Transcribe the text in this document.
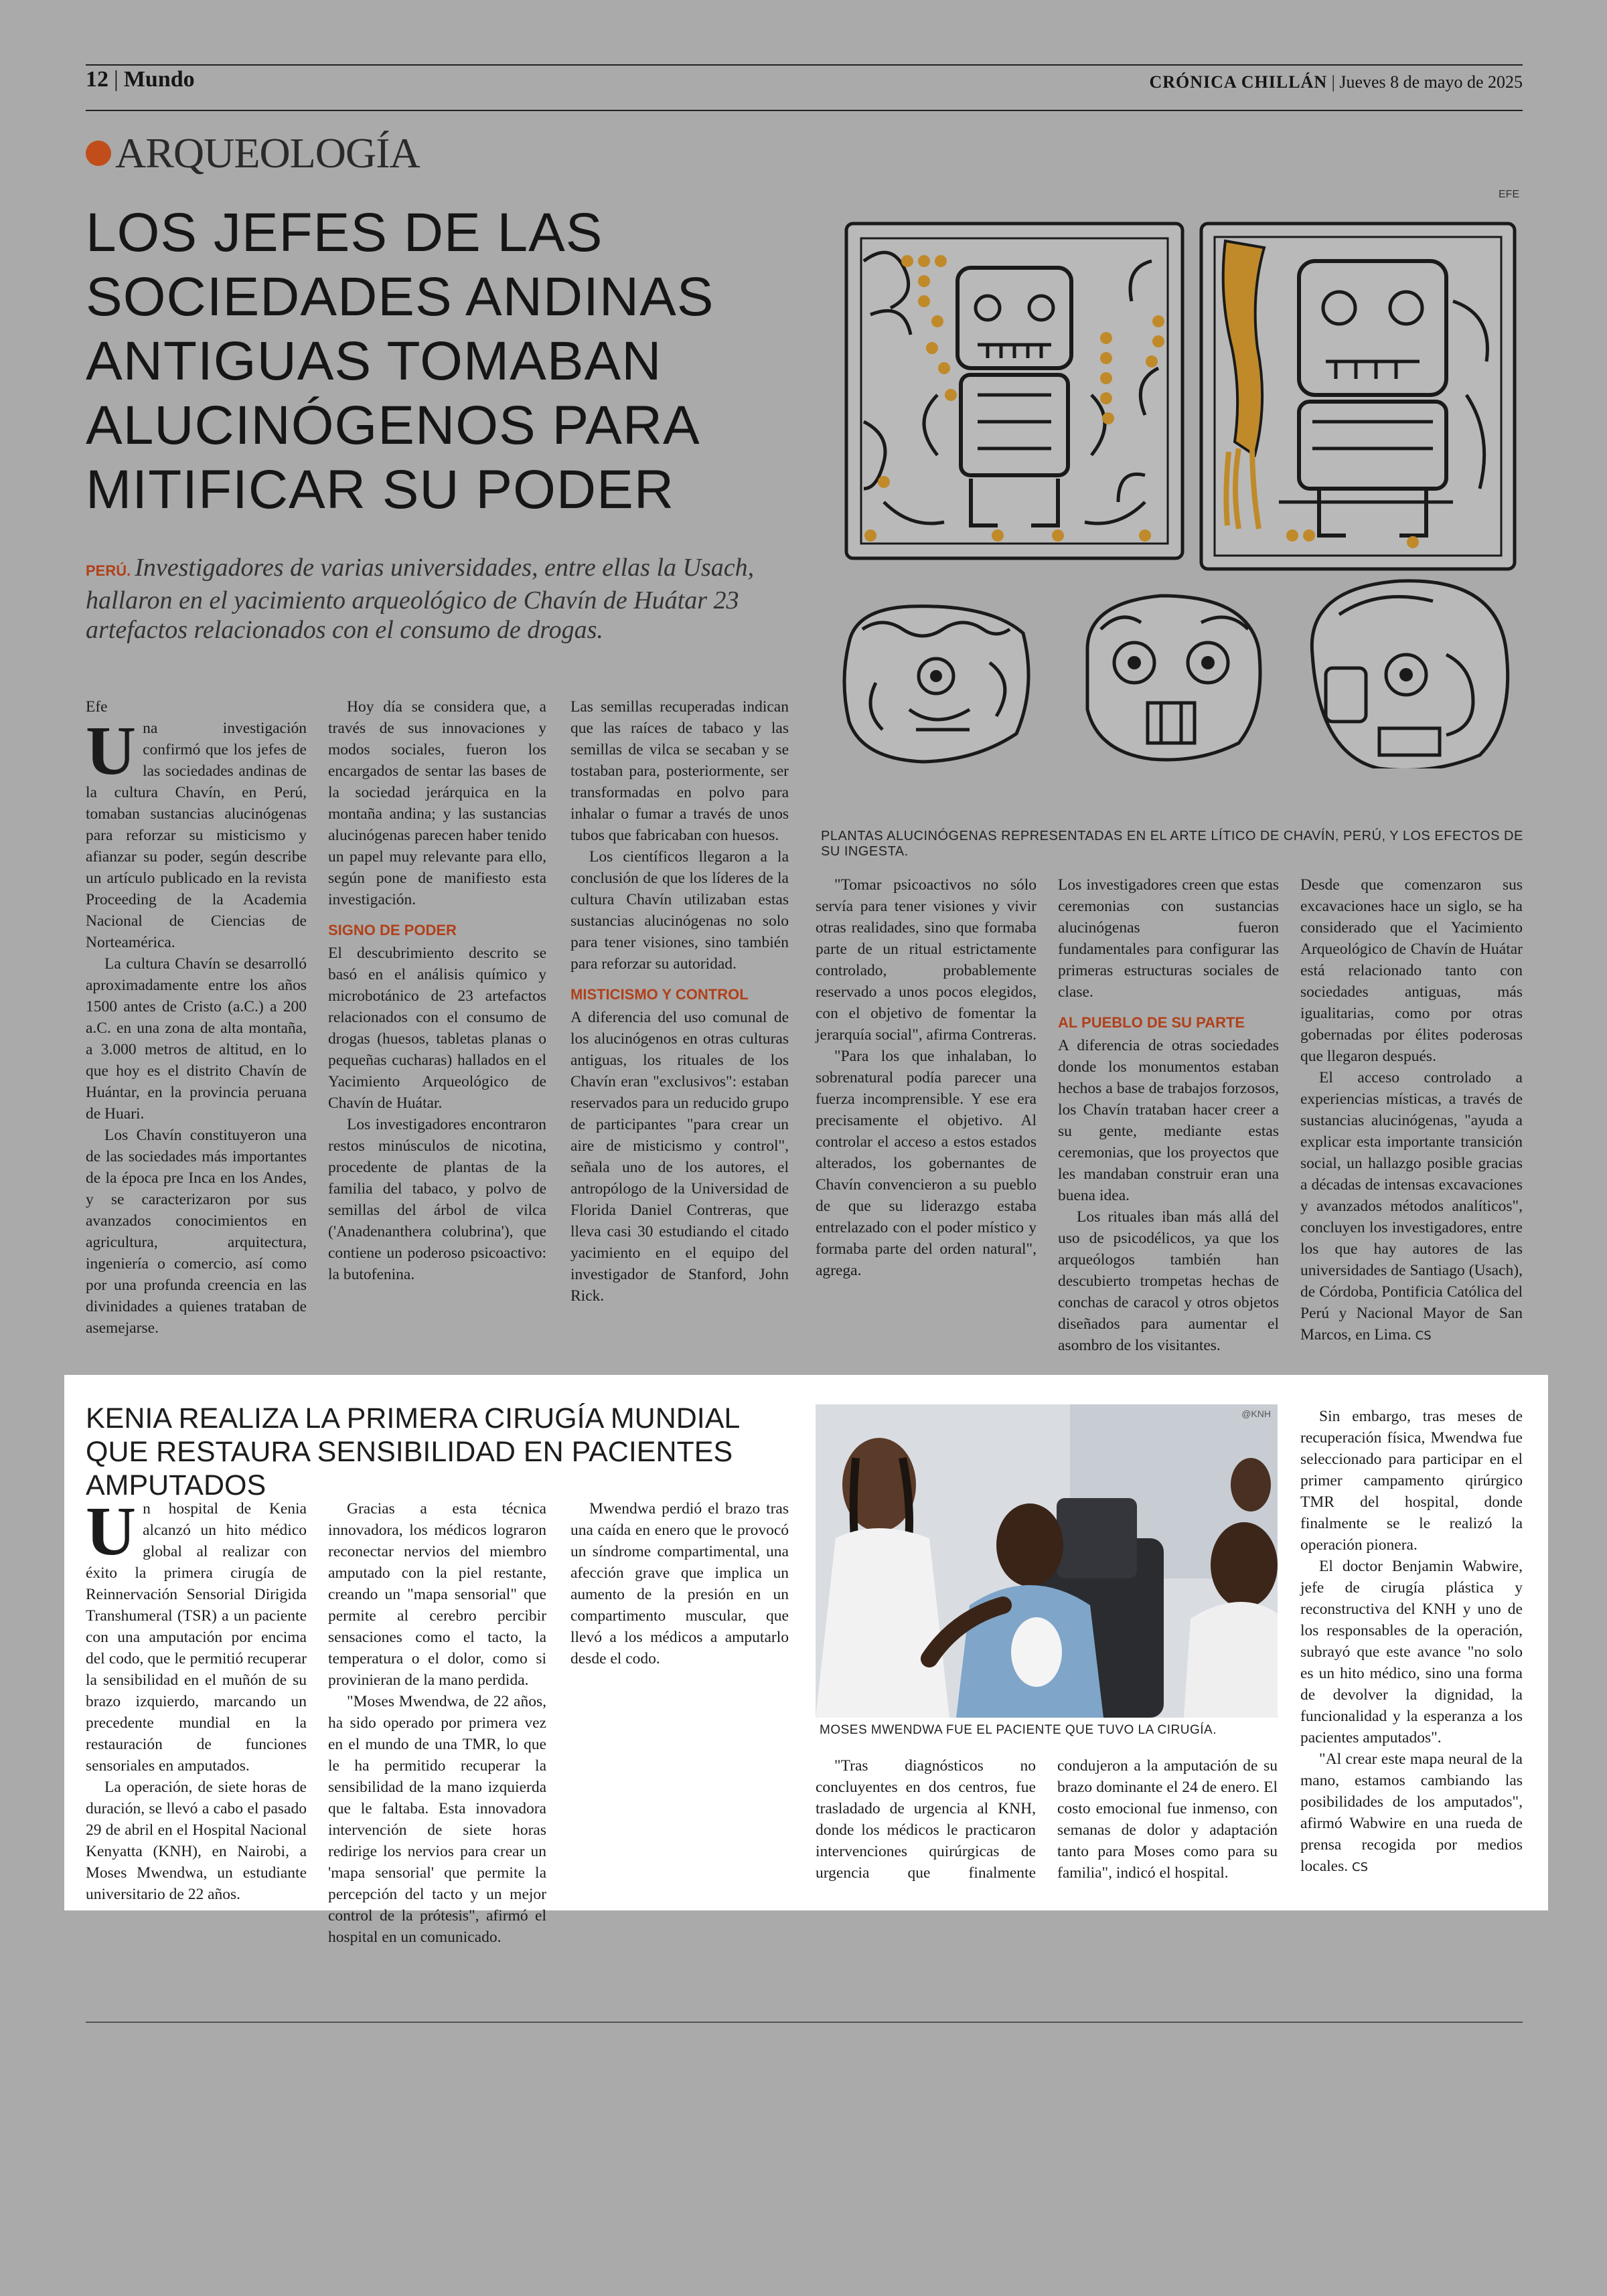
12 | Mundo	CRÓNICA CHILLÁN | Jueves 8 de mayo de 2025
ARQUEOLOGÍA
LOS JEFES DE LAS SOCIEDADES ANDINAS ANTIGUAS TOMABAN ALUCINÓGENOS PARA MITIFICAR SU PODER
PERÚ. Investigadores de varias universidades, entre ellas la Usach, hallaron en el yacimiento arqueológico de Chavín de Huátar 23 artefactos relacionados con el consumo de drogas.
EFE
PLANTAS ALUCINÓGENAS REPRESENTADAS EN EL ARTE LÍTICO DE CHAVÍN, PERÚ, Y LOS EFECTOS DE SU INGESTA.

Efe

Una investigación confirmó que los jefes de las sociedades andinas de la cultura Chavín, en Perú, tomaban sustancias alucinógenas para reforzar su misticismo y afianzar su poder, según describe un artículo publicado en la revista Proceeding de la Academia Nacional de Ciencias de Norteamérica.

La cultura Chavín se desarrolló aproximadamente entre los años 1500 antes de Cristo (a.C.) a 200 a.C. en una zona de alta montaña, a 3.000 metros de altitud, en lo que hoy es el distrito Chavín de Huántar, en la provincia peruana de Huari.

Los Chavín constituyeron una de las sociedades más importantes de la época pre Inca en los Andes, y se caracterizaron por sus avanzados conocimientos en agricultura, arquitectura, ingeniería o comercio, así como por una profunda creencia en las divinidades a quienes trataban de asemejarse.

Hoy día se considera que, a través de sus innovaciones y modos sociales, fueron los encargados de sentar las bases de la sociedad jerárquica en la montaña andina; y las sustancias alucinógenas parecen haber tenido un papel muy relevante para ello, según pone de manifiesto esta investigación.

SIGNO DE PODER

El descubrimiento descrito se basó en el análisis químico y microbotánico de 23 artefactos relacionados con el consumo de drogas (huesos, tabletas planas o pequeñas cucharas) hallados en el Yacimiento Arqueológico de Chavín de Huátar.

Los investigadores encontraron restos minúsculos de nicotina, procedente de plantas de la familia del tabaco, y polvo de semillas del árbol de vilca ('Anadenanthera colubrina'), que contiene un poderoso psicoactivo: la butofenina.

Las semillas recuperadas indican que las raíces de tabaco y las semillas de vilca se secaban y se tostaban para, posteriormente, ser transformadas en polvo para inhalar o fumar a través de unos tubos que fabricaban con huesos.

Los científicos llegaron a la conclusión de que los líderes de la cultura Chavín utilizaban estas sustancias alucinógenas no solo para tener visiones, sino también para reforzar su autoridad.

MISTICISMO Y CONTROL

A diferencia del uso comunal de los alucinógenos en otras culturas antiguas, los rituales de los Chavín eran "exclusivos": estaban reservados para un reducido grupo de participantes "para crear un aire de misticismo y control", señala uno de los autores, el antropólogo de la Universidad de Florida Daniel Contreras, que lleva casi 30 estudiando el citado yacimiento en el equipo del investigador de Stanford, John Rick.

"Tomar psicoactivos no sólo servía para tener visiones y vivir otras realidades, sino que formaba parte de un ritual estrictamente controlado, probablemente reservado a unos pocos elegidos, con el objetivo de fomentar la jerarquía social", afirma Contreras.

"Para los que inhalaban, lo sobrenatural podía parecer una fuerza incomprensible. Y ese era precisamente el objetivo. Al controlar el acceso a estos estados alterados, los gobernantes de Chavín convencieron a su pueblo de que su liderazgo estaba entrelazado con el poder místico y formaba parte del orden natural", agrega.

Los investigadores creen que estas ceremonias con sustancias alucinógenas fueron fundamentales para configurar las primeras estructuras sociales de clase.

AL PUEBLO DE SU PARTE

A diferencia de otras sociedades donde los monumentos estaban hechos a base de trabajos forzosos, los Chavín trataban hacer creer a su gente, mediante estas ceremonias, que los proyectos que les mandaban construir eran una buena idea.

Los rituales iban más allá del uso de psicodélicos, ya que los arqueólogos también han descubierto trompetas hechas de conchas de caracol y otros objetos diseñados para aumentar el asombro de los visitantes.

Desde que comenzaron sus excavaciones hace un siglo, se ha considerado que el Yacimiento Arqueológico de Chavín de Huátar está relacionado tanto con sociedades antiguas, más igualitarias, como por otras gobernadas por élites poderosas que llegaron después.

El acceso controlado a experiencias místicas, a través de sustancias alucinógenas, "ayuda a explicar esta importante transición social, un hallazgo posible gracias a décadas de intensas excavaciones y avanzados métodos analíticos", concluyen los investigadores, entre los que hay autores de las universidades de Santiago (Usach), de Córdoba, Pontificia Católica del Perú y Nacional Mayor de San Marcos, en Lima. CS

KENIA REALIZA LA PRIMERA CIRUGÍA MUNDIAL QUE RESTAURA SENSIBILIDAD EN PACIENTES AMPUTADOS
@KNH
MOSES MWENDWA FUE EL PACIENTE QUE TUVO LA CIRUGÍA.

Un hospital de Kenia alcanzó un hito médico global al realizar con éxito la primera cirugía de Reinnervación Sensorial Dirigida Transhumeral (TSR) a un paciente con una amputación por encima del codo, que le permitió recuperar la sensibilidad en el muñón de su brazo izquierdo, marcando un precedente mundial en la restauración de funciones sensoriales en amputados.

La operación, de siete horas de duración, se llevó a cabo el pasado 29 de abril en el Hospital Nacional Kenyatta (KNH), en Nairobi, a Moses Mwendwa, un estudiante universitario de 22 años.

Gracias a esta técnica innovadora, los médicos lograron reconectar nervios del miembro amputado con la piel restante, creando un "mapa sensorial" que permite al cerebro percibir sensaciones como el tacto, la temperatura o el dolor, como si provinieran de la mano perdida.

"Moses Mwendwa, de 22 años, ha sido operado por primera vez en el mundo de una TMR, lo que le ha permitido recuperar la sensibilidad de la mano izquierda que le faltaba. Esta innovadora intervención de siete horas redirige los nervios para crear un 'mapa sensorial' que permite la percepción del tacto y un mejor control de la prótesis", afirmó el hospital en un comunicado.

Mwendwa perdió el brazo tras una caída en enero que le provocó un síndrome compartimental, una afección grave que implica un aumento de la presión en un compartimento muscular, que llevó a los médicos a amputarlo desde el codo.

"Tras diagnósticos no concluyentes en dos centros, fue trasladado de urgencia al KNH, donde los médicos le practicaron intervenciones quirúrgicas de urgencia que finalmente condujeron a la amputación de su brazo dominante el 24 de enero. El costo emocional fue inmenso, con semanas de dolor y adaptación tanto para Moses como para su familia", indicó el hospital.

Sin embargo, tras meses de recuperación física, Mwendwa fue seleccionado para participar en el primer campamento qirúrgico TMR del hospital, donde finalmente se le realizó la operación pionera.

El doctor Benjamin Wabwire, jefe de cirugía plástica y reconstructiva del KNH y uno de los responsables de la operación, subrayó que este avance "no solo es un hito médico, sino una forma de devolver la dignidad, la funcionalidad y la esperanza a los pacientes amputados".

"Al crear este mapa neural de la mano, estamos cambiando las posibilidades de los amputados", afirmó Wabwire en una rueda de prensa recogida por medios locales. CS
